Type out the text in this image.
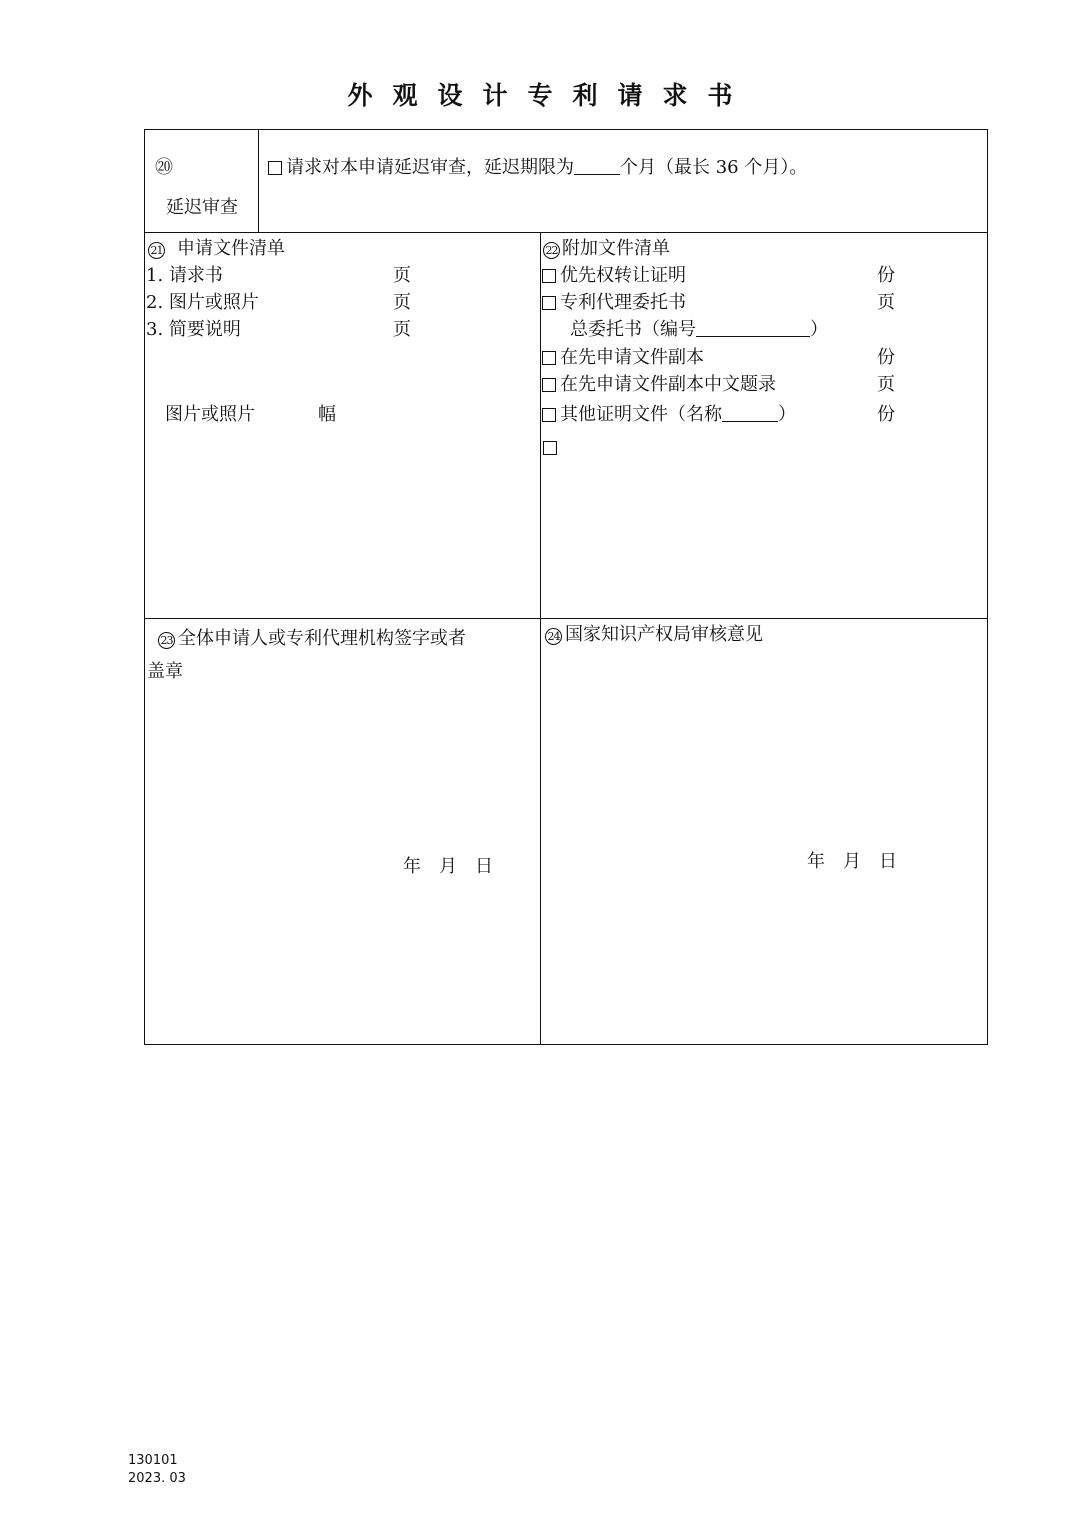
外观设计专利请求书
⑳
延迟审查
请求对本申请延迟审查，延迟期限为	个月（最长 36 个月）。
21 申请文件清单
1. 请求书	页
2. 图片或照片	页
3. 简要说明	页
图片或照片	幅
22 附加文件清单
优先权转让证明	份
专利代理委托书	页
总委托书（编号	）
在先申请文件副本	份
在先申请文件副本中文题录	页
其他证明文件（名称	）	份
23 全体申请人或专利代理机构签字或者
盖章
年　月　日
24 国家知识产权局审核意见
年　月　日
130101
2023. 03
